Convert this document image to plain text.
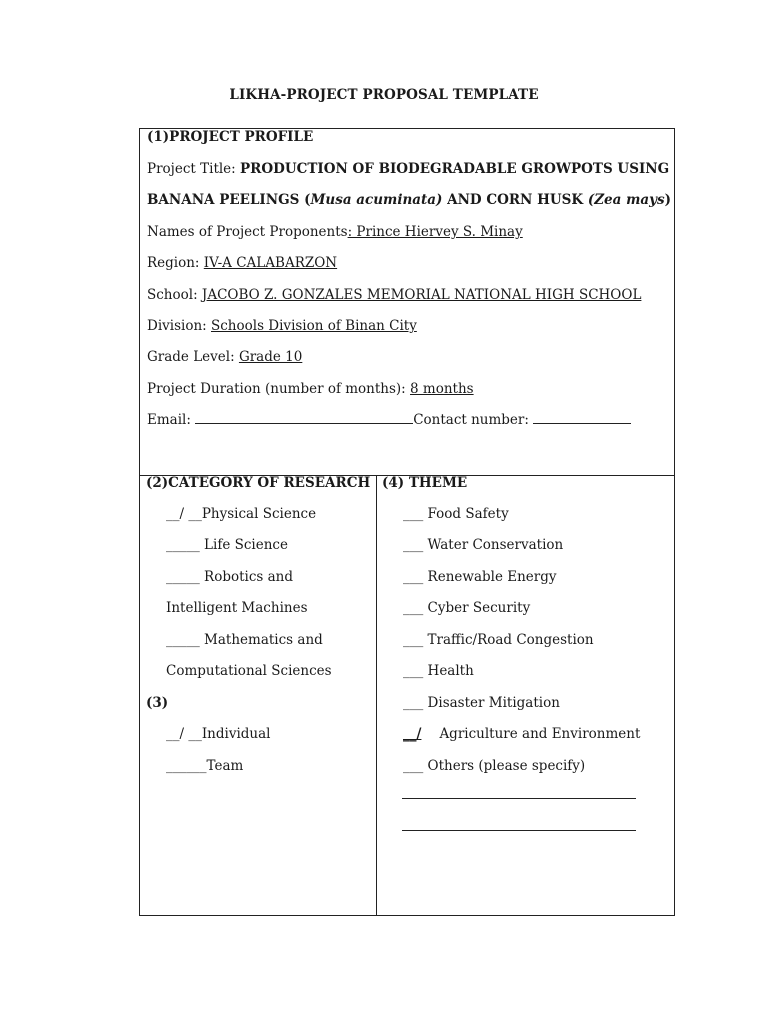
LIKHA-PROJECT PROPOSAL TEMPLATE
(1)PROJECT PROFILE
Project Title: PRODUCTION OF BIODEGRADABLE GROWPOTS USING
BANANA PEELINGS (Musa acuminata) AND CORN HUSK (Zea mays)
Names of Project Proponents: Prince Hiervey S. Minay
Region: IV-A CALABARZON
School: JACOBO Z. GONZALES MEMORIAL NATIONAL HIGH SCHOOL
Division: Schools Division of Binan City
Grade Level: Grade 10
Project Duration (number of months): 8 months
Email:	Contact number:
(2)CATEGORY OF RESEARCH
__/ __Physical Science
_____ Life Science
_____ Robotics and
Intelligent Machines
_____ Mathematics and
Computational Sciences
(3)
__/ __Individual
______Team
(4) THEME
___ Food Safety
___ Water Conservation
___ Renewable Energy
___ Cyber Security
___ Traffic/Road Congestion
___ Health
___ Disaster Mitigation
__/ Agriculture and Environment
___ Others (please specify)
